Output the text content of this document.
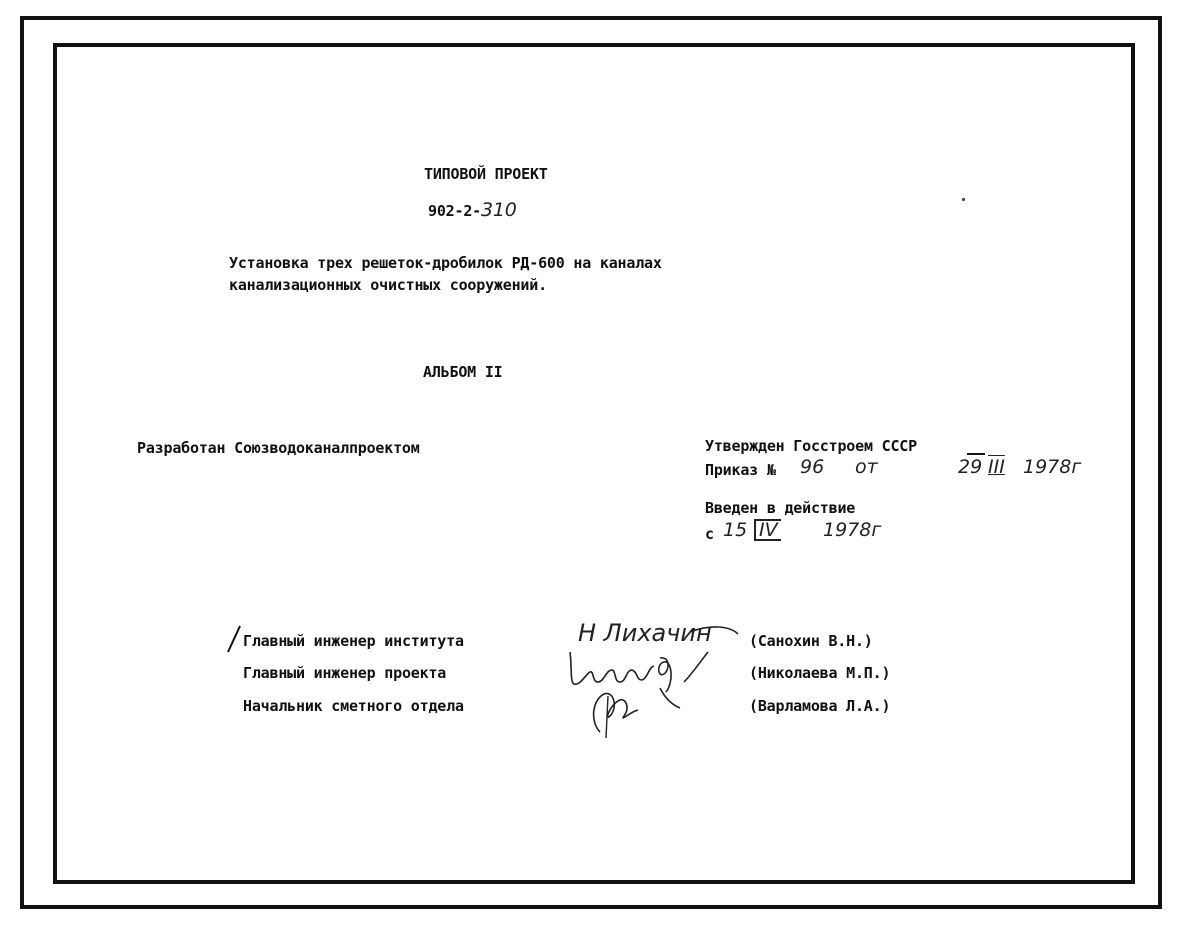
ТИПОВОЙ ПРОЕКТ
902-2-310
Установка трех решеток-дробилок РД-600 на каналах
канализационных очистных сооружений.
АЛЬБОМ II
Разработан Союзводоканалпроектом	Утвержден Госстроем СССР
Приказ № 96 от	29 III 1978г
Введен в действие
с 15 IV 1978г
Главный инженер института
Главный инженер проекта
Начальник сметного отдела
(Санохин В.Н.)
(Николаева М.П.)
(Варламова Л.А.)
Н Лихачин
